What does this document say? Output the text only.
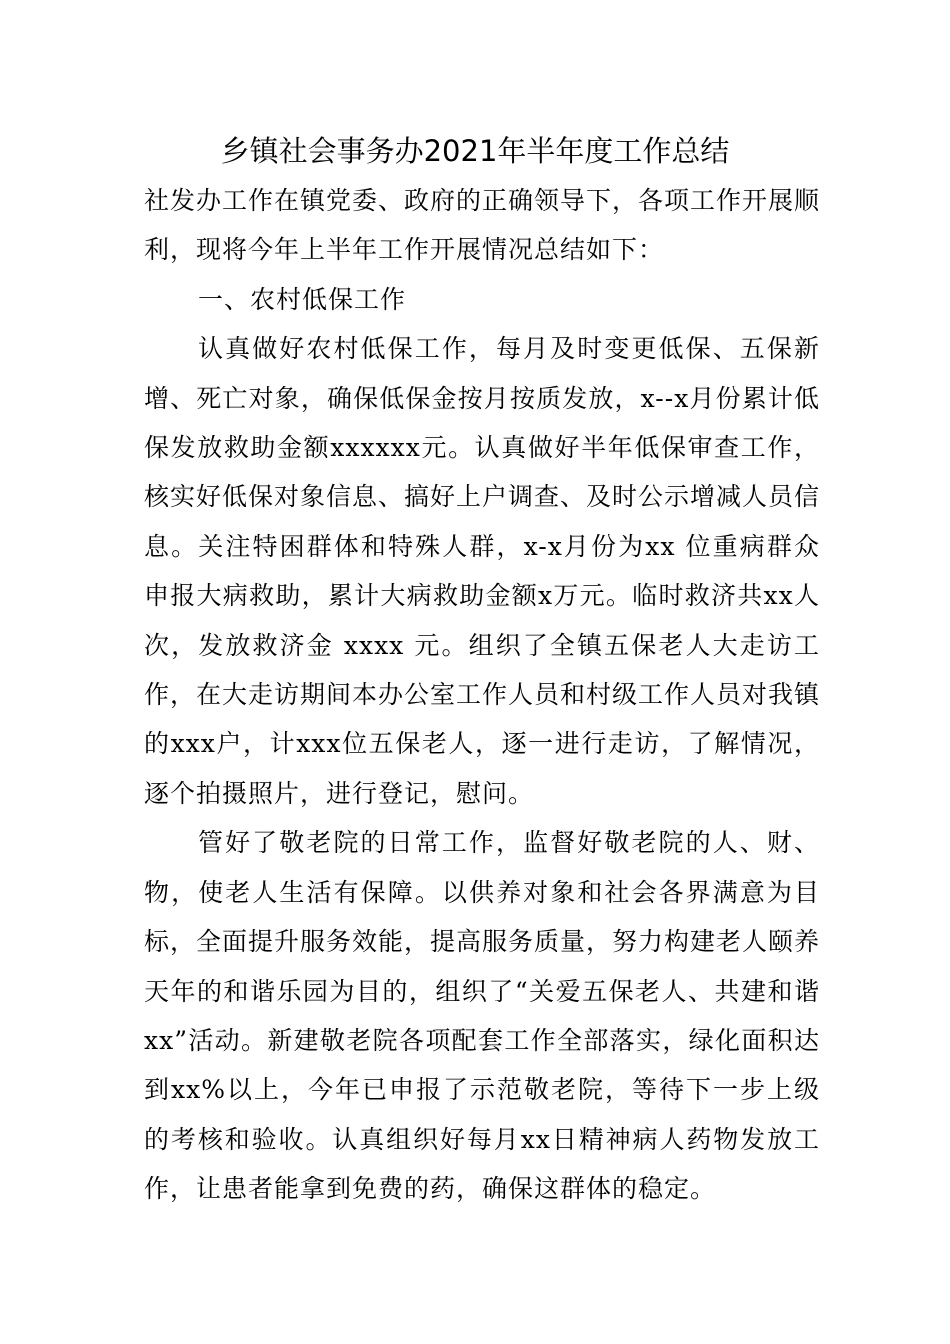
乡镇社会事务办2021年半年度工作总结

社发办工作在镇党委、政府的正确领导下，各项工作开展顺利，现将今年上半年工作开展情况总结如下：

一、农村低保工作

认真做好农村低保工作，每月及时变更低保、五保新增、死亡对象，确保低保金按月按质发放，x--x月份累计低保发放救助金额xxxxxx元。认真做好半年低保审查工作，核实好低保对象信息、搞好上户调查、及时公示增减人员信息。关注特困群体和特殊人群，x-x月份为xx 位重病群众申报大病救助，累计大病救助金额x万元。临时救济共xx人次，发放救济金 xxxx 元。组织了全镇五保老人大走访工作，在大走访期间本办公室工作人员和村级工作人员对我镇的xxx户，计xxx位五保老人，逐一进行走访，了解情况，逐个拍摄照片，进行登记，慰问。

管好了敬老院的日常工作，监督好敬老院的人、财、物，使老人生活有保障。以供养对象和社会各界满意为目标，全面提升服务效能，提高服务质量，努力构建老人颐养天年的和谐乐园为目的，组织了“关爱五保老人、共建和谐xx”活动。新建敬老院各项配套工作全部落实，绿化面积达到xx%以上，今年已申报了示范敬老院，等待下一步上级的考核和验收。认真组织好每月xx日精神病人药物发放工作，让患者能拿到免费的药，确保这群体的稳定。
